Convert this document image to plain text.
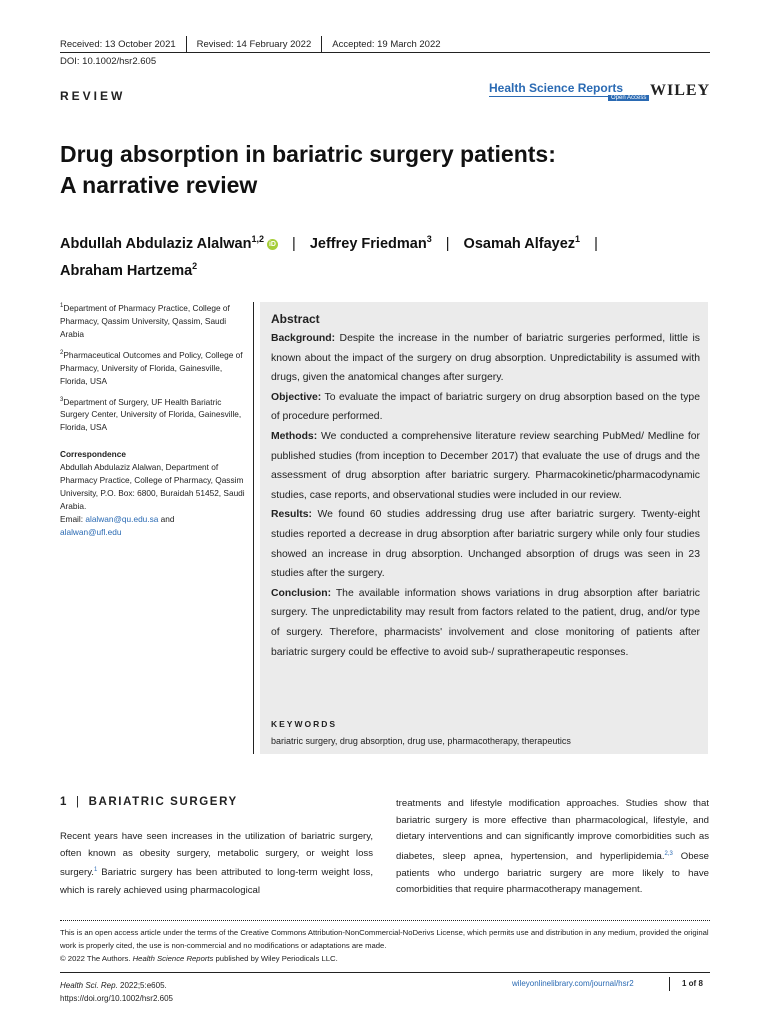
Received: 13 October 2021 Revised: 14 February 2022 Accepted: 19 March 2022
DOI: 10.1002/hsr2.605
REVIEW
Health Science Reports
Open Access WILEY
Drug absorption in bariatric surgery patients:
A narrative review
Abdullah Abdulaziz Alalwan$^{1,2}$ iD | Jeffrey Friedman$^3$ | Osamah Alfayez$^1$ |
Abraham Hartzema$^2$

$^1$Department of Pharmacy Practice, College of Pharmacy, Qassim University, Qassim, Saudi Arabia

$^2$Pharmaceutical Outcomes and Policy, College of Pharmacy, University of Florida, Gainesville, Florida, USA

$^3$Department of Surgery, UF Health Bariatric Surgery Center, University of Florida, Gainesville, Florida, USA

Correspondence

Abdullah Abdulaziz Alalwan, Department of Pharmacy Practice, College of Pharmacy, Qassim University, P.O. Box: 6800, Buraidah 51452, Saudi Arabia.
Email: alalwan@qu.edu.sa and
alalwan@ufl.edu

Abstract

Background: Despite the increase in the number of bariatric surgeries performed, little is known about the impact of the surgery on drug absorption. Unpredictability is assumed with drugs, given the anatomical changes after surgery.

Objective: To evaluate the impact of bariatric surgery on drug absorption based on the type of procedure performed.

Methods: We conducted a comprehensive literature review searching PubMed/ Medline for published studies (from inception to December 2017) that evaluate the use of drugs and the assessment of drug absorption after bariatric surgery. Pharmacokinetic/pharmacodynamic studies, case reports, and observational studies were included in our review.

Results: We found 60 studies addressing drug use after bariatric surgery. Twenty-eight studies reported a decrease in drug absorption after bariatric surgery while only four studies showed an increase in drug absorption. Unchanged absorption of drugs was seen in 23 studies after the surgery.

Conclusion: The available information shows variations in drug absorption after bariatric surgery. The unpredictability may result from factors related to the patient, drug, and/or type of surgery. Therefore, pharmacists' involvement and close monitoring of patients after bariatric surgery could be effective to avoid sub-/ supratherapeutic responses.

KEYWORDS
bariatric surgery, drug absorption, drug use, pharmacotherapy, therapeutics
1 | BARIATRIC SURGERY
Recent years have seen increases in the utilization of bariatric surgery, often known as obesity surgery, metabolic surgery, or weight loss surgery.$^1$ Bariatric surgery has been attributed to long-term weight loss, which is rarely achieved using pharmacological
treatments and lifestyle modification approaches. Studies show that bariatric surgery is more effective than pharmacological, lifestyle, and dietary interventions and can significantly improve comorbidities such as diabetes, sleep apnea, hypertension, and hyperlipidemia.$^{2,3}$ Obese patients who undergo bariatric surgery are more likely to have comorbidities that require pharmacotherapy management.

This is an open access article under the terms of the Creative Commons Attribution-NonCommercial-NoDerivs License, which permits use and distribution in any medium, provided the original work is properly cited, the use is non-commercial and no modifications or adaptations are made.

© 2022 The Authors. Health Science Reports published by Wiley Periodicals LLC.

Health Sci. Rep. 2022;5:e605.
https://doi.org/10.1002/hsr2.605
wileyonlinelibrary.com/journal/hsr2	1 of 8
